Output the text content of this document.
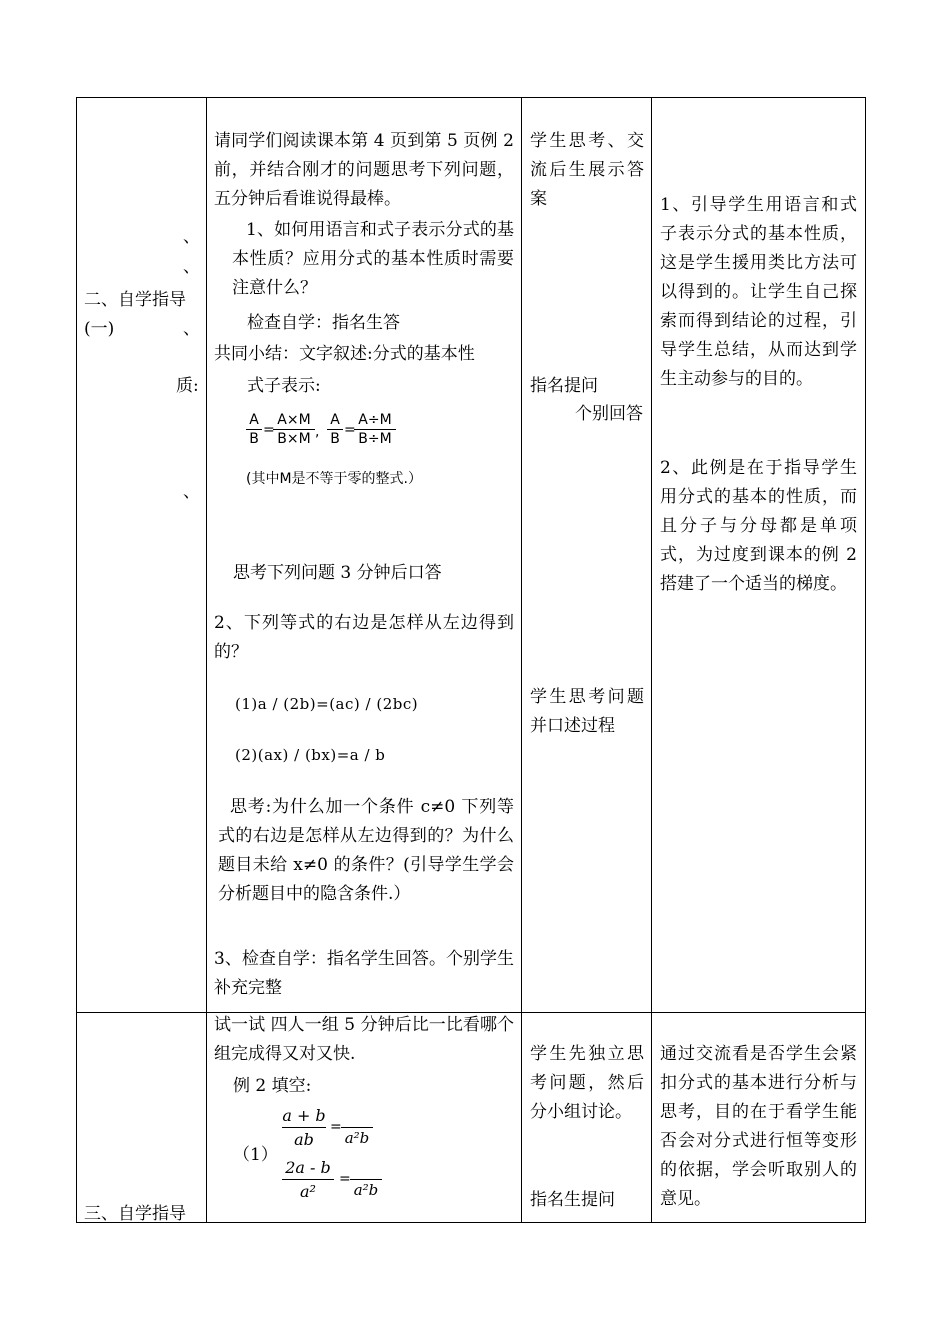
、
、
二、自学指导
(一)	、
质:
、
请同学们阅读课本第 4 页到第 5 页例 2 前，并结合刚才的问题思考下列问题，五分钟后看谁说得最棒。
1、如何用语言和式子表示分式的基本性质？应用分式的基本性质时需要注意什么？
检查自学：指名生答
共同小结：文字叙述:分式的基本性
式子表示:
A
B
=
A×M
B×M ,
A
B
=
A÷M
B÷M
(其中M是不等于零的整式.）
思考下列问题 3 分钟后口答
2、下列等式的右边是怎样从左边得到的？
(1)a / (2b)=(ac) / (2bc)
(2)(ax) / (bx)=a / b
思考:为什么加一个条件 c≠0 下列等式的右边是怎样从左边得到的？为什么题目未给 x≠0 的条件？(引导学生学会分析题目中的隐含条件.）
3、检查自学：指名学生回答。个别学生补充完整
学生思考、交流后生展示答案
指名提问
个别回答
学生思考问题并口述过程
1、引导学生用语言和式子表示分式的基本性质，这是学生援用类比方法可以得到的。让学生自己探索而得到结论的过程，引导学生总结，从而达到学生主动参与的目的。
2、此例是在于指导学生用分式的基本的性质，而且分子与分母都是单项式，为过度到课本的例 2 搭建了一个适当的梯度。
三、自学指导
试一试 四人一组 5 分钟后比一比看哪个组完成得又对又快.
例 2 填空:
（1）
a + b
ab
=
a²b
2a - b
a²
=
a²b
学生先独立思考问题，然后分小组讨论。
指名生提问
通过交流看是否学生会紧扣分式的基本进行分析与思考，目的在于看学生能否会对分式进行恒等变形的依据，学会听取别人的意见。
